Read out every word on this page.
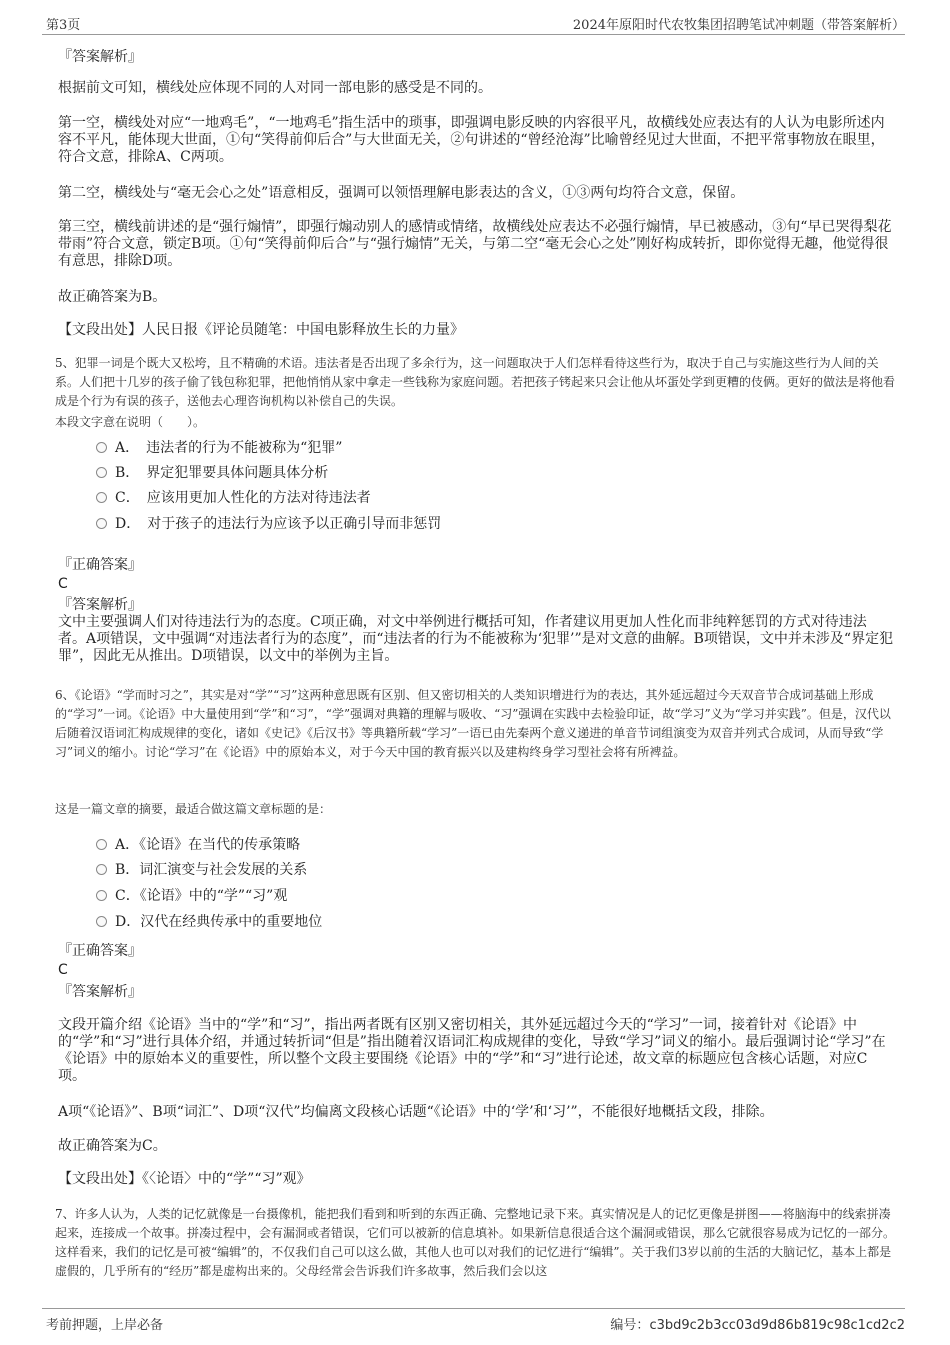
第3页	2024年原阳时代农牧集团招聘笔试冲刺题（带答案解析）
『答案解析』

根据前文可知，横线处应体现不同的人对同一部电影的感受是不同的。

第一空，横线处对应“一地鸡毛”，“一地鸡毛”指生活中的琐事，即强调电影反映的内容很平凡，故横线处应表达有的人认为电影所述内容不平凡，能体现大世面，①句“笑得前仰后合”与大世面无关，②句讲述的“曾经沧海”比喻曾经见过大世面，不把平常事物放在眼里，符合文意，排除A、C两项。

第二空，横线处与“毫无会心之处”语意相反，强调可以领悟理解电影表达的含义，①③两句均符合文意，保留。

第三空，横线前讲述的是“强行煽情”，即强行煽动别人的感情或情绪，故横线处应表达不必强行煽情，早已被感动，③句“早已哭得梨花带雨”符合文意，锁定B项。①句“笑得前仰后合”与“强行煽情”无关，与第二空“毫无会心之处”刚好构成转折，即你觉得无趣，他觉得很有意思，排除D项。

故正确答案为B。

【文段出处】人民日报《评论员随笔：中国电影释放生长的力量》

5、犯罪一词是个既大又松垮，且不精确的术语。违法者是否出现了多余行为，这一问题取决于人们怎样看待这些行为，取决于自己与实施这些行为人间的关系。人们把十几岁的孩子偷了钱包称犯罪，把他悄悄从家中拿走一些钱称为家庭问题。若把孩子铐起来只会让他从坏蛋处学到更糟的伎俩。更好的做法是将他看成是个行为有误的孩子，送他去心理咨询机构以补偿自己的失误。

本段文字意在说明（　　）。

A．　违法者的行为不能被称为“犯罪”
B．　界定犯罪要具体问题具体分析
C．　应该用更加人性化的方法对待违法者
D．　对于孩子的违法行为应该予以正确引导而非惩罚
『正确答案』
C
『答案解析』

文中主要强调人们对待违法行为的态度。C项正确，对文中举例进行概括可知，作者建议用更加人性化而非纯粹惩罚的方式对待违法者。A项错误，文中强调“对违法者行为的态度”，而“违法者的行为不能被称为‘犯罪’”是对文意的曲解。B项错误，文中并未涉及“界定犯罪”，因此无从推出。D项错误，以文中的举例为主旨。

6、《论语》“学而时习之”，其实是对“学”“习”这两种意思既有区别、但又密切相关的人类知识增进行为的表达，其外延远超过今天双音节合成词基础上形成的“学习”一词。《论语》中大量使用到“学”和“习”，“学”强调对典籍的理解与吸收、“习”强调在实践中去检验印证，故“学习”义为“学习并实践”。但是，汉代以后随着汉语词汇构成规律的变化，诸如《史记》《后汉书》等典籍所载“学习”一语已由先秦两个意义递进的单音节词组演变为双音并列式合成词，从而导致“学习”词义的缩小。讨论“学习”在《论语》中的原始本义，对于今天中国的教育振兴以及建构终身学习型社会将有所裨益。

这是一篇文章的摘要，最适合做这篇文章标题的是：

A．《论语》在当代的传承策略
B．词汇演变与社会发展的关系
C．《论语》中的“学”“习”观
D．汉代在经典传承中的重要地位
『正确答案』
C
『答案解析』

文段开篇介绍《论语》当中的“学”和“习”，指出两者既有区别又密切相关，其外延远超过今天的“学习”一词，接着针对《论语》中的“学”和“习”进行具体介绍，并通过转折词“但是”指出随着汉语词汇构成规律的变化，导致“学习”词义的缩小。最后强调讨论“学习”在《论语》中的原始本义的重要性，所以整个文段主要围绕《论语》中的“学”和“习”进行论述，故文章的标题应包含核心话题，对应C项。

A项“《论语》”、B项“词汇”、D项“汉代”均偏离文段核心话题“《论语》中的‘学’和‘习’”，不能很好地概括文段，排除。

故正确答案为C。

【文段出处】《〈论语〉中的“学”“习”观》

7、许多人认为，人类的记忆就像是一台摄像机，能把我们看到和听到的东西正确、完整地记录下来。真实情况是人的记忆更像是拼图——将脑海中的线索拼凑起来，连接成一个故事。拼凑过程中，会有漏洞或者错误，它们可以被新的信息填补。如果新信息很适合这个漏洞或错误，那么它就很容易成为记忆的一部分。这样看来，我们的记忆是可被“编辑”的，不仅我们自己可以这么做，其他人也可以对我们的记忆进行“编辑”。关于我们3岁以前的生活的大脑记忆，基本上都是虚假的，几乎所有的“经历”都是虚构出来的。父母经常会告诉我们许多故事，然后我们会以这

考前押题，上岸必备	编号：c3bd9c2b3cc03d9d86b819c98c1cd2c2
